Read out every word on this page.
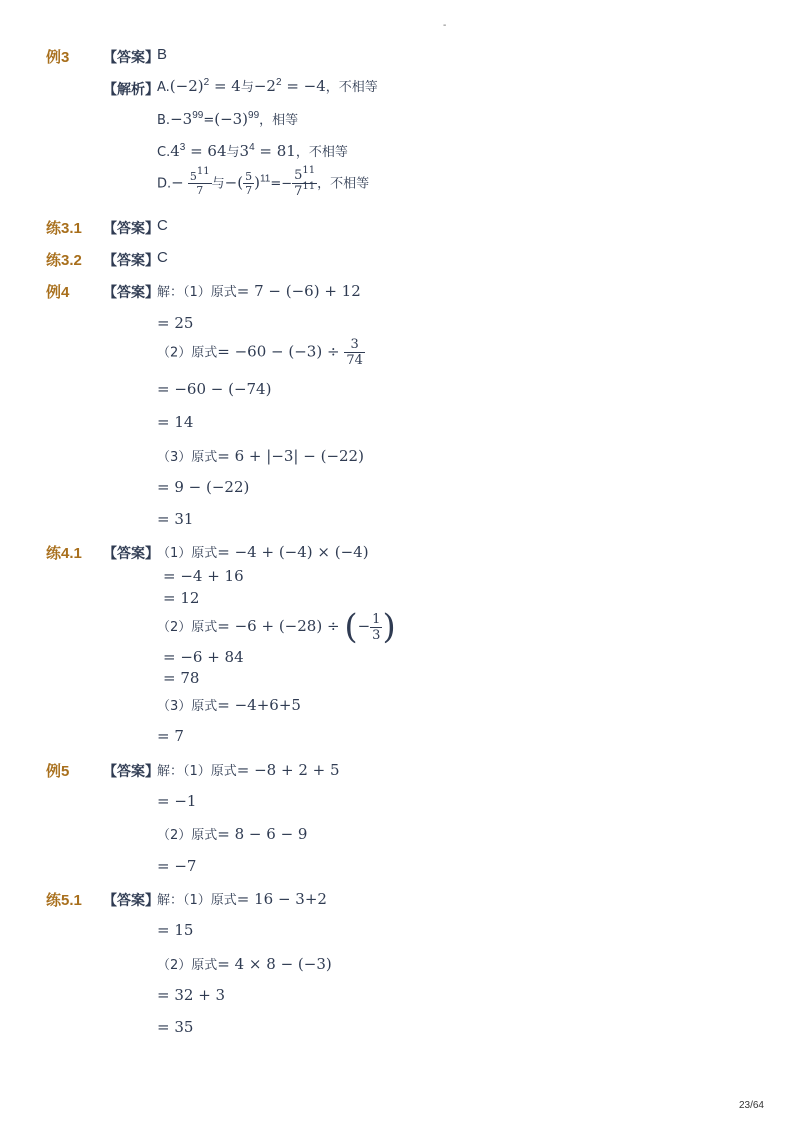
-
例3 【答案】
B
【解析】
$A.(-2)^2 = 4$与$-2^2 = -4$，不相等
$B.-3^{99}=(-3)^{99}$，相等
$C.4^3 = 64$与$3^4 = 81$，不相等
$D.- \frac{5^{11}}{7}$ 与−( $\frac{5}{7} )^{11}=- \frac{5^{11}}{7^{11}}$ ，不相等
练3.1 【答案】
C
练3.2 【答案】
C
例4 【答案】
解：（1）原式= 7 − (−6) + 12
= 25
（2）原式= $-60 - (-3) \div \frac{3}{74}$
= −60 − (−74)
= 14
（3）原式= 6 + |−3| − (−22)
= 9 − (−22)
= 31
练4.1 【答案】
（1）原式= −4 + (−4) × (−4)
= −4 + 16
= 12
（2）原式= −6 + (−28) ÷ (− $\frac{1}{3}$ )
= −6 + 84
= 78
（3）原式= −4+6+5
= 7
例5 【答案】
解：（1）原式= −8 + 2 + 5
= −1
（2）原式= 8 − 6 − 9
= −7
练5.1 【答案】
解：（1）原式= 16 − 3+2
= 15
（2）原式= 4 × 8 − (−3)
= 32 + 3
= 35
23/64
